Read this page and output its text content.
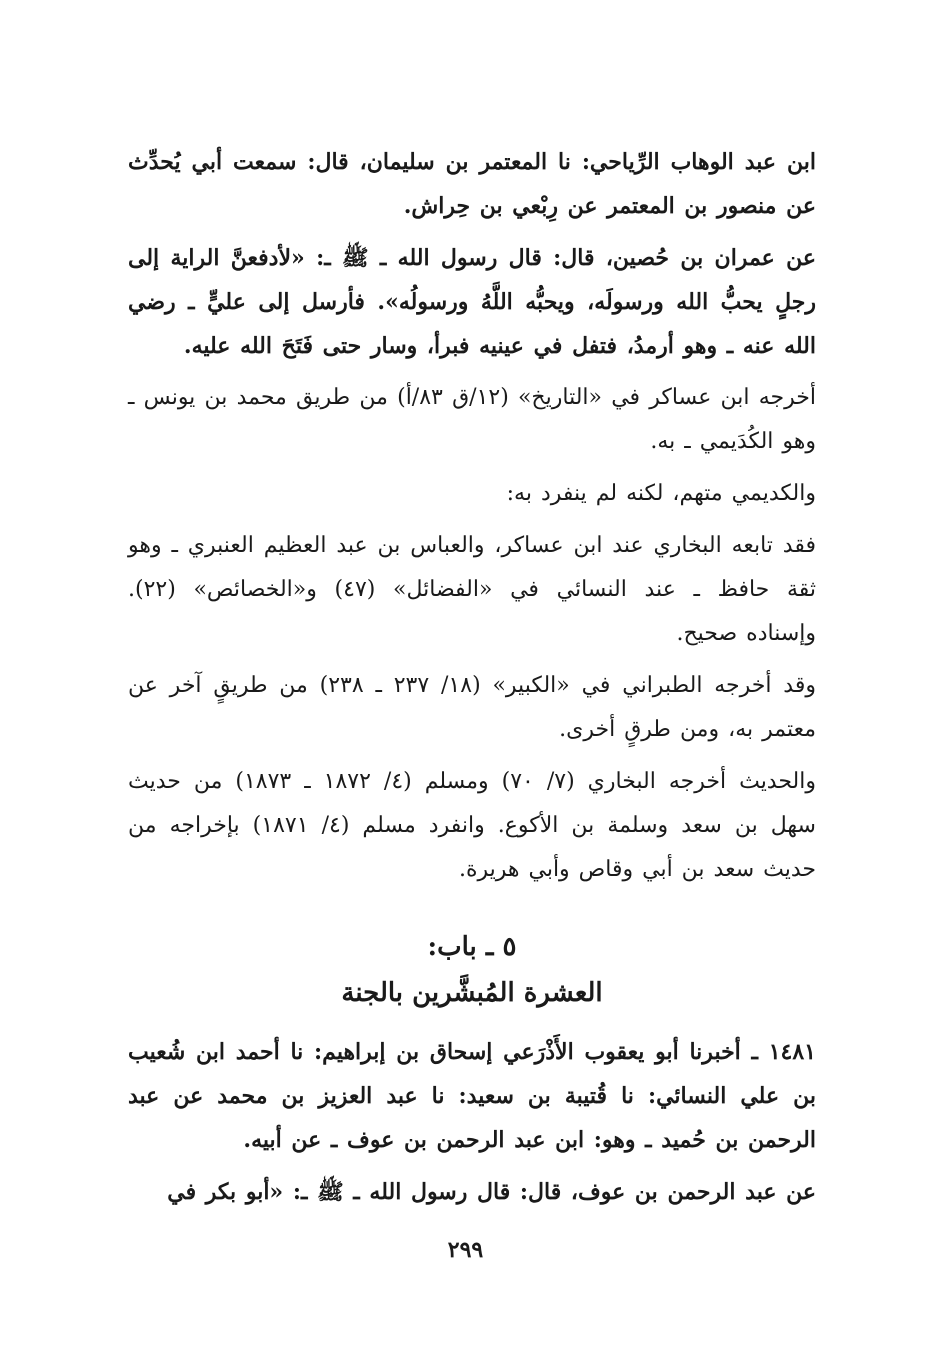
ابن عبد الوهاب الرِّياحي: نا المعتمر بن سليمان، قال: سمعت أبي يُحدِّث عن منصور بن المعتمر عن رِبْعي بن حِراش.

عن عمران بن حُصين، قال: قال رسول الله ـ ﷺ ـ: «لأدفعنَّ الراية إلى رجلٍ يحبُّ الله ورسولَه، ويحبُّه اللَّهُ ورسولُه». فأرسل إلى عليٍّ ـ رضي الله عنه ـ وهو أرمدُ، فتفل في عينيه فبرأ، وسار حتى فَتَحَ الله عليه.

أخرجه ابن عساكر في «التاريخ» (١٢/ق ٨٣/أ) من طريق محمد بن يونس ـ وهو الكُدَيمي ـ به.

والكديمي متهم، لكنه لم ينفرد به:

فقد تابعه البخاري عند ابن عساكر، والعباس بن عبد العظيم العنبري ـ وهو ثقة حافظ ـ عند النسائي في «الفضائل» (٤٧) و«الخصائص» (٢٢). وإسناده صحيح.

وقد أخرجه الطبراني في «الكبير» (١٨/ ٢٣٧ ـ ٢٣٨) من طريقٍ آخر عن معتمر به، ومن طرقٍ أخرى.

والحديث أخرجه البخاري (٧/ ٧٠) ومسلم (٤/ ١٨٧٢ ـ ١٨٧٣) من حديث سهل بن سعد وسلمة بن الأكوع. وانفرد مسلم (٤/ ١٨٧١) بإخراجه من حديث سعد بن أبي وقاص وأبي هريرة.

٥ ـ باب:
العشرة المُبشَّرين بالجنة

١٤٨١ ـ أخبرنا أبو يعقوب الأَذْرَعي إسحاق بن إبراهيم: نا أحمد ابن شُعيب بن علي النسائي: نا قُتيبة بن سعيد: نا عبد العزيز بن محمد عن عبد الرحمن بن حُميد ـ وهو: ابن عبد الرحمن بن عوف ـ عن أبيه.

عن عبد الرحمن بن عوف، قال: قال رسول الله ـ ﷺ ـ: «أبو بكر في

٢٩٩
